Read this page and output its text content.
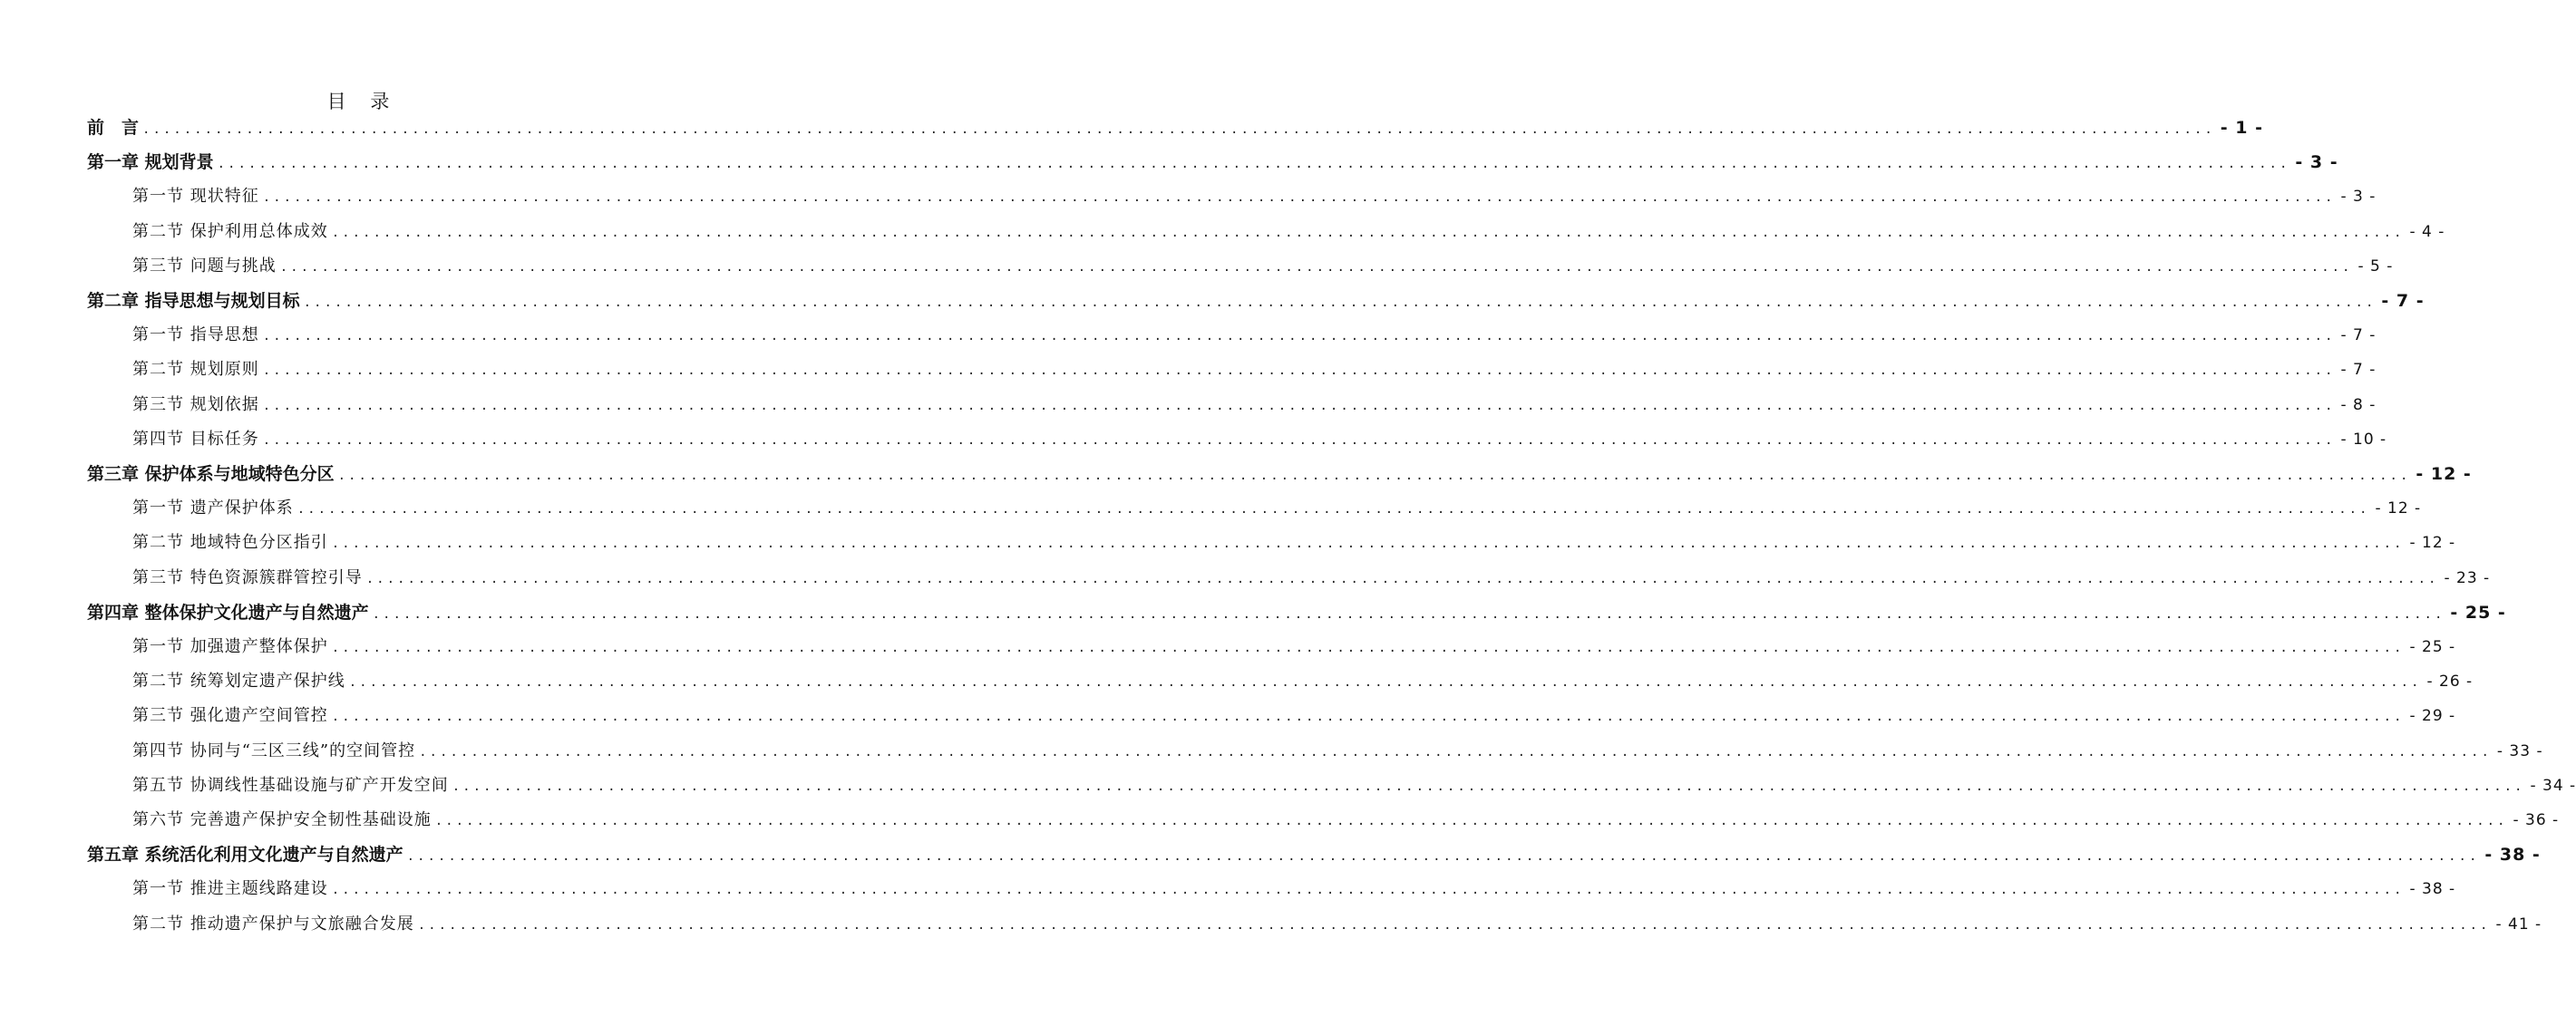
目 录
前　言 ........................................................................................................................................................................................................ - 1 -
第一章 规划背景 ........................................................................................................................................................................................................ - 3 -
第一节 现状特征 ........................................................................................................................................................................................................ - 3 -
第二节 保护利用总体成效 ........................................................................................................................................................................................................ - 4 -
第三节 问题与挑战 ........................................................................................................................................................................................................ - 5 -
第二章 指导思想与规划目标 ........................................................................................................................................................................................................ - 7 -
第一节 指导思想 ........................................................................................................................................................................................................ - 7 -
第二节 规划原则 ........................................................................................................................................................................................................ - 7 -
第三节 规划依据 ........................................................................................................................................................................................................ - 8 -
第四节 目标任务 ........................................................................................................................................................................................................ - 10 -
第三章 保护体系与地域特色分区 ........................................................................................................................................................................................................ - 12 -
第一节 遗产保护体系 ........................................................................................................................................................................................................ - 12 -
第二节 地域特色分区指引 ........................................................................................................................................................................................................ - 12 -
第三节 特色资源簇群管控引导 ........................................................................................................................................................................................................ - 23 -
第四章 整体保护文化遗产与自然遗产 ........................................................................................................................................................................................................ - 25 -
第一节 加强遗产整体保护 ........................................................................................................................................................................................................ - 25 -
第二节 统筹划定遗产保护线 ........................................................................................................................................................................................................ - 26 -
第三节 强化遗产空间管控 ........................................................................................................................................................................................................ - 29 -
第四节 协同与“三区三线”的空间管控 ........................................................................................................................................................................................................ - 33 -
第五节 协调线性基础设施与矿产开发空间 ........................................................................................................................................................................................................ - 34 -
第六节 完善遗产保护安全韧性基础设施 ........................................................................................................................................................................................................ - 36 -
第五章 系统活化利用文化遗产与自然遗产 ........................................................................................................................................................................................................ - 38 -
第一节 推进主题线路建设 ........................................................................................................................................................................................................ - 38 -
第二节 推动遗产保护与文旅融合发展 ........................................................................................................................................................................................................ - 41 -
